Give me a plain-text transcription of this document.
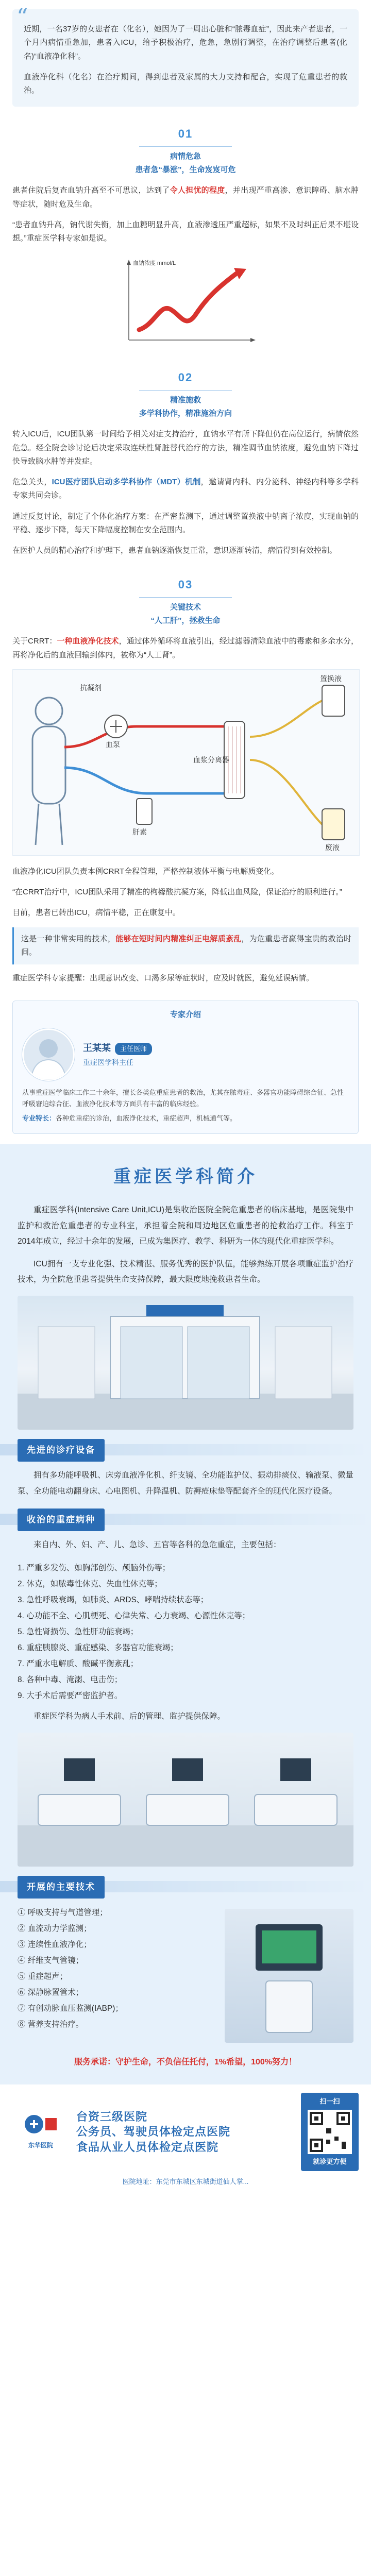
“

近期，一名37岁的女患者在（化名），她因为了一周出心脏和“脓毒血症”，因此来产者患者，一个月内病情重急加，患者入ICU，给予积极治疗，危急，急剧行调整，在治疗调整后患者(化名)“血液净化科”。

血液净化科（化名）在治疗期间，得到患者及家属的大力支持和配合，实现了危重患者的救治。

01
病情危急
患者急“暴涨”，生命岌岌可危

患者住院后复查血钠升高至不可思议，达到了令人担忧的程度，并出现严重高渗、意识障碍、脑水肿等症状，随时危及生命。

“患者血钠升高，钠代谢失衡，加上血糖明显升高，血液渗透压严重超标，如果不及时纠正后果不堪设想。”重症医学科专家如是说。

血钠浓度 mmol/L
02
精准施救
多学科协作，精准施治方向

转入ICU后，ICU团队第一时间给予相关对症支持治疗，血钠水平有所下降但仍在高位运行，病情依然危急。经全院会诊讨论后决定采取连续性肾脏替代治疗的方法，精准调节血钠浓度，避免血钠下降过快导致脑水肿等并发症。

危急关头，ICU医疗团队启动多学科协作（MDT）机制，邀请肾内科、内分泌科、神经内科等多学科专家共同会诊。

通过反复讨论，制定了个体化治疗方案：在严密监测下，通过调整置换液中钠离子浓度，实现血钠的平稳、逐步下降，每天下降幅度控制在安全范围内。

在医护人员的精心治疗和护理下，患者血钠逐渐恢复正常，意识逐渐转清，病情得到有效控制。

03
关键技术
“人工肝”，拯救生命

关于CRRT：一种血液净化技术，通过体外循环将血液引出，经过滤器清除血液中的毒素和多余水分，再将净化后的血液回输到体内，被称为“人工肾”。

抗凝剂
血浆分离器
血泵
废液
置换液
肝素

血液净化ICU团队负责本例CRRT全程管理，严格控制液体平衡与电解质变化。

“在CRRT治疗中，ICU团队采用了精准的枸橼酸抗凝方案，降低出血风险，保证治疗的顺利进行。”

目前，患者已转出ICU，病情平稳，正在康复中。

这是一种非常实用的技术，能够在短时间内精准纠正电解质紊乱，为危重患者赢得宝贵的救治时间。

重症医学科专家提醒：出现意识改变、口渴多尿等症状时，应及时就医，避免延误病情。

专家介绍
王某某 主任医师
重症医学科主任
从事重症医学临床工作二十余年，擅长各类危重症患者的救治，尤其在脓毒症、多器官功能障碍综合征、急性呼吸窘迫综合征、血液净化技术等方面具有丰富的临床经验。
专业特长：各种危重症的诊治，血液净化技术，重症超声，机械通气等。
重症医学科简介

重症医学科(Intensive Care Unit,ICU)是集收治医院全院危重患者的临床基地，是医院集中监护和救治危重患者的专业科室，承担着全院和周边地区危重患者的抢救治疗工作。科室于2014年成立，经过十余年的发展，已成为集医疗、教学、科研为一体的现代化重症医学科。

ICU拥有一支专业化强、技术精湛、服务优秀的医护队伍，能够熟练开展各项重症监护治疗技术，为全院危重患者提供生命支持保障，最大限度地挽救患者生命。

先进的诊疗设备

拥有多功能呼吸机、床旁血液净化机、纤支镜、全功能监护仪、振动排痰仪、输液泵、微量泵、全功能电动翻身床、心电图机、升降温机、防褥疮床垫等配套齐全的现代化医疗设备。

收治的重症病种

来自内、外、妇、产、儿、急诊、五官等各科的急危重症，主要包括：

1. 严重多发伤、如胸部创伤、颅脑外伤等；
2. 休克，如脓毒性休克、失血性休克等；
3. 急性呼吸衰竭，如肺炎、ARDS、哮喘持续状态等；
4. 心功能不全、心肌梗死、心律失常、心力衰竭、心源性休克等；
5. 急性肾损伤、急性肝功能衰竭；
6. 重症胰腺炎、重症感染、多器官功能衰竭；
7. 严重水电解质、酸碱平衡紊乱；
8. 各种中毒、淹溺、电击伤；
9. 大手术后需要严密监护者。

重症医学科为病人手术前、后的管理、监护提供保障。

开展的主要技术
① 呼吸支持与气道管理；
② 血流动力学监测；
③ 连续性血液净化；
④ 纤维支气管镜；
⑤ 重症超声；
⑥ 深静脉置管术；
⑦ 有创动脉血压监测(IABP)；
⑧ 营养支持治疗。
服务承诺：守护生命，不负信任托付，1%希望，100%努力！
东华医院
台资三级医院
公务员、驾驶员体检定点医院
食品从业人员体检定点医院
扫一扫
就诊更方便
医院地址：东莞市东城区东城街道仙人掌...
